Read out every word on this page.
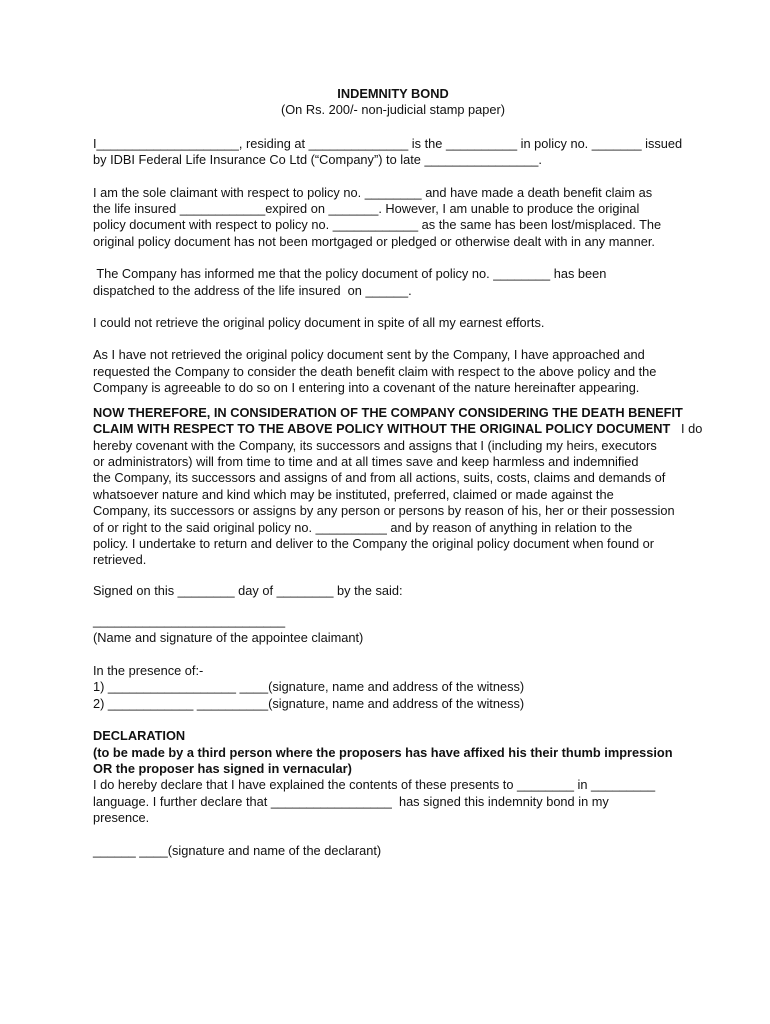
INDEMNITY BOND

(On Rs. 200/- non-judicial stamp paper)

I____________________, residing at ______________ is the __________ in policy no. _______ issued
by IDBI Federal Life Insurance Co Ltd (“Company”) to late ________________.

I am the sole claimant with respect to policy no. ________ and have made a death benefit claim as
the life insured ____________expired on _______. However, I am unable to produce the original
policy document with respect to policy no. ____________ as the same has been lost/misplaced. The
original policy document has not been mortgaged or pledged or otherwise dealt with in any manner.

The Company has informed me that the policy document of policy no. ________ has been
dispatched to the address of the life insured  on ______.

I could not retrieve the original policy document in spite of all my earnest efforts.

As I have not retrieved the original policy document sent by the Company, I have approached and
requested the Company to consider the death benefit claim with respect to the above policy and the
Company is agreeable to do so on I entering into a covenant of the nature hereinafter appearing.

NOW THEREFORE, IN CONSIDERATION OF THE COMPANY CONSIDERING THE DEATH BENEFIT
CLAIM WITH RESPECT TO THE ABOVE POLICY WITHOUT THE ORIGINAL POLICY DOCUMENT   I do
hereby covenant with the Company, its successors and assigns that I (including my heirs, executors
or administrators) will from time to time and at all times save and keep harmless and indemnified
the Company, its successors and assigns of and from all actions, suits, costs, claims and demands of
whatsoever nature and kind which may be instituted, preferred, claimed or made against the
Company, its successors or assigns by any person or persons by reason of his, her or their possession
of or right to the said original policy no. __________ and by reason of anything in relation to the
policy. I undertake to return and deliver to the Company the original policy document when found or
retrieved.

Signed on this ________ day of ________ by the said:

___________________________

(Name and signature of the appointee claimant)

In the presence of:-

1) __________________ ____(signature, name and address of the witness)

2) ____________ __________(signature, name and address of the witness)

DECLARATION

(to be made by a third person where the proposers has have affixed his their thumb impression
OR the proposer has signed in vernacular)

I do hereby declare that I have explained the contents of these presents to ________ in _________
language. I further declare that _________________  has signed this indemnity bond in my
presence.

______ ____(signature and name of the declarant)
